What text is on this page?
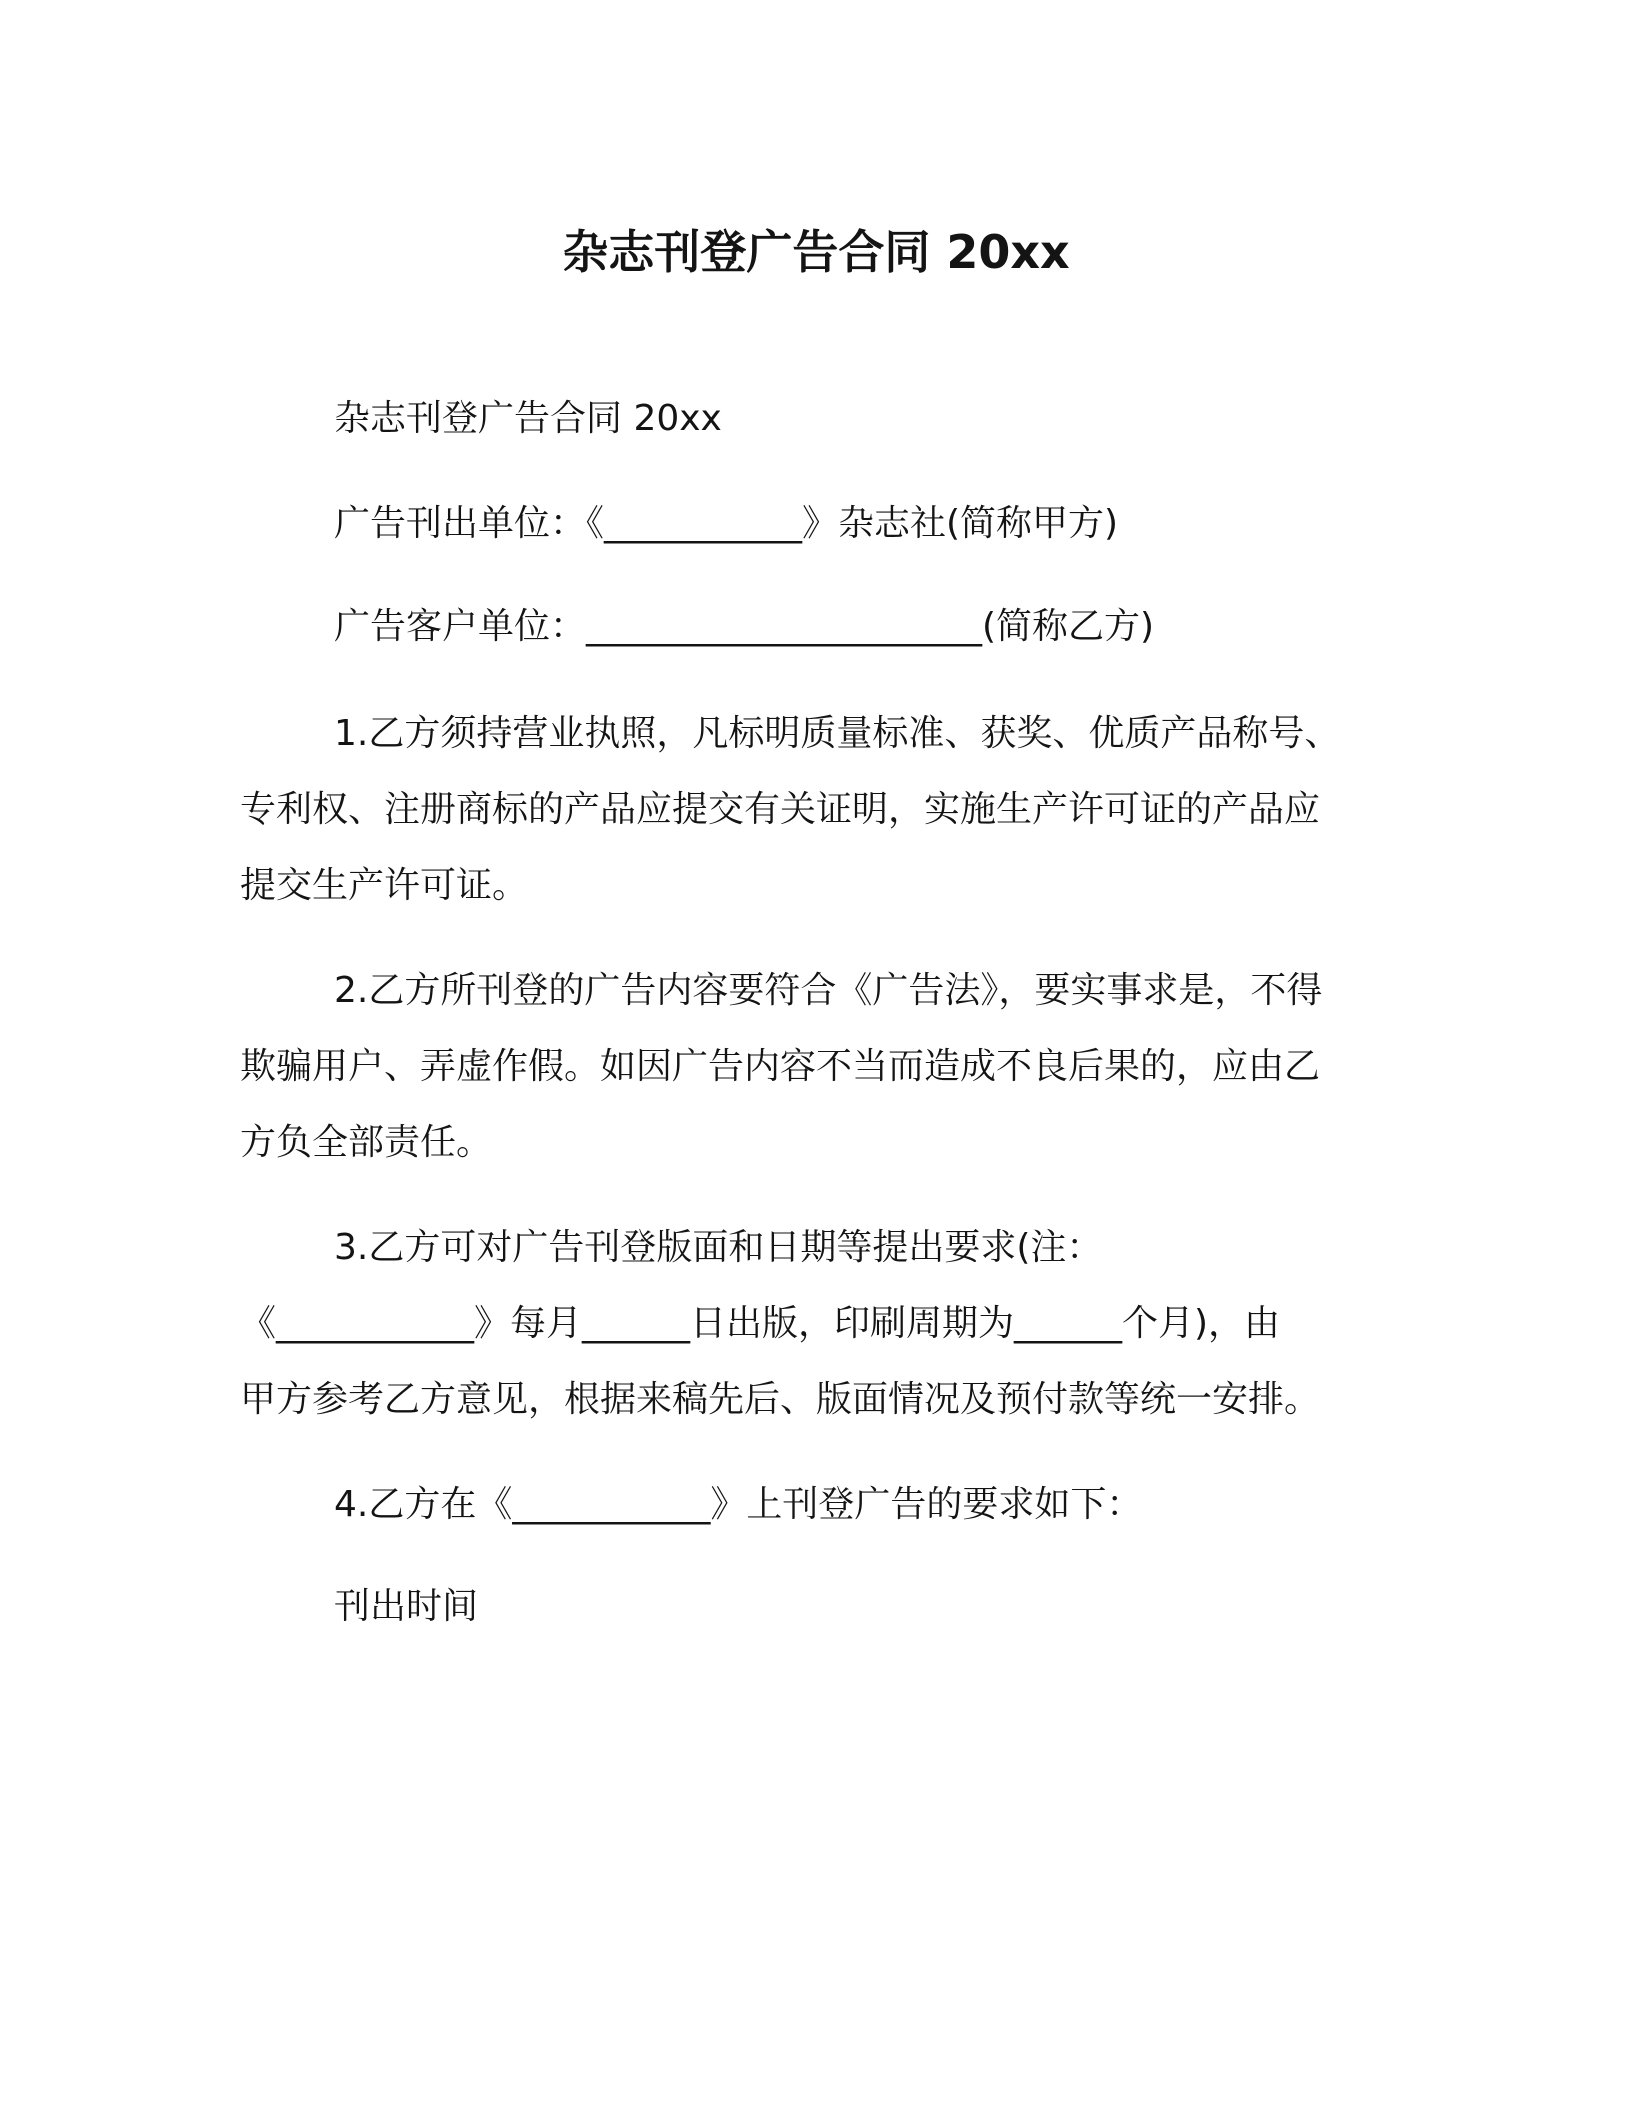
杂志刊登广告合同 20xx
杂志刊登广告合同 20xx
广告刊出单位：《___________》杂志社(简称甲方)
广告客户单位：______________________(简称乙方)
1.乙方须持营业执照，凡标明质量标准、获奖、优质产品称号、
专利权、注册商标的产品应提交有关证明，实施生产许可证的产品应
提交生产许可证。
2.乙方所刊登的广告内容要符合《广告法》，要实事求是，不得
欺骗用户、弄虚作假。如因广告内容不当而造成不良后果的，应由乙
方负全部责任。
3.乙方可对广告刊登版面和日期等提出要求(注：
《___________》每月______日出版，印刷周期为______个月)，由
甲方参考乙方意见，根据来稿先后、版面情况及预付款等统一安排。
4.乙方在《___________》上刊登广告的要求如下：
刊出时间
